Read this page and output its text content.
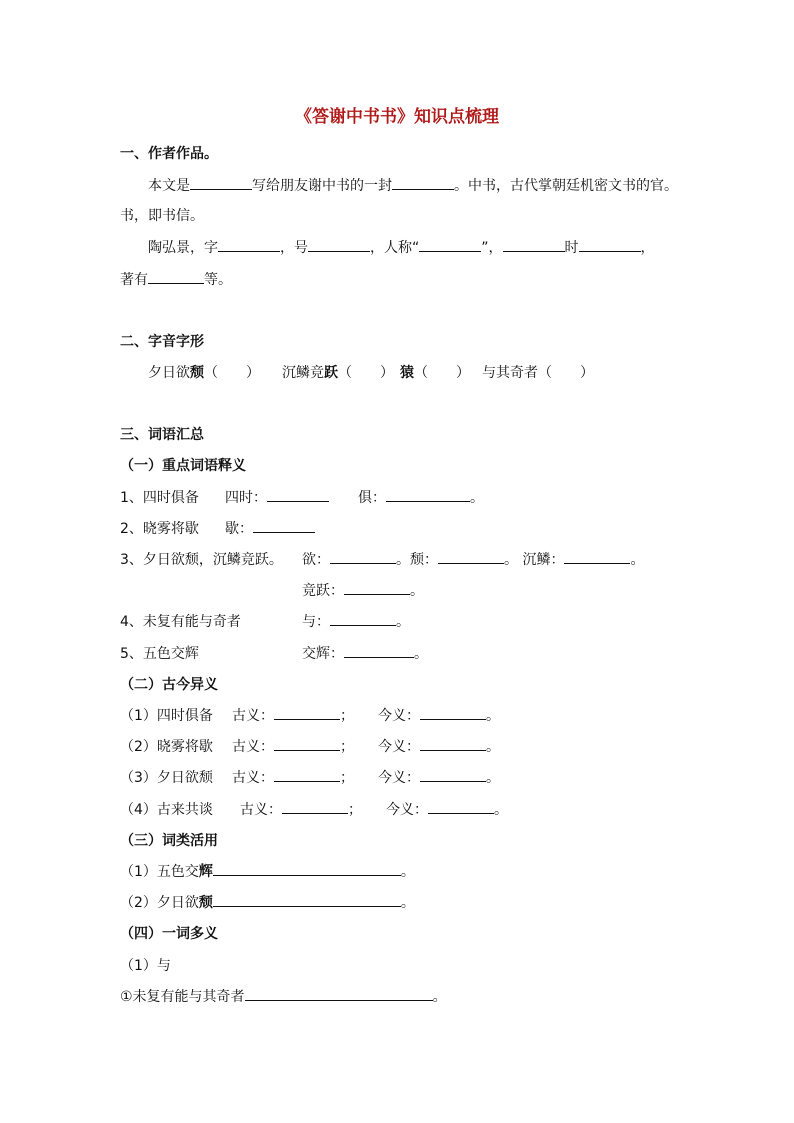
《答谢中书书》知识点梳理
一、作者作品。
本文是	写给朋友谢中书的一封	。中书，古代掌朝廷机密文书的官。
书，即书信。
陶弘景，字	，号	，人称“	”，	时	，
著有	等。
二、字音字形
夕日欲颓（　　） 沉鳞竞跃（　　） 猿（　　） 与其奇者（　　）
三、词语汇总
（一）重点词语释义
1、四时俱备 四时：	俱：	。
2、晓雾将歇 歇：
3、夕日欲颓，沉鳞竞跃。 欲：	。颓：	。 沉鳞：	。
竞跃：	。
4、未复有能与奇者	与：	。
5、五色交辉	交辉：	。
（二）古今异义
（1）四时俱备 古义：	； 今义：	。
（2）晓雾将歇 古义：	； 今义：	。
（3）夕日欲颓 古义：	； 今义：	。
（4）古来共谈 古义：	； 今义：	。
（三）词类活用
（1）五色交辉	。
（2）夕日欲颓	。
（四）一词多义
（1）与
①未复有能与其奇者	。
